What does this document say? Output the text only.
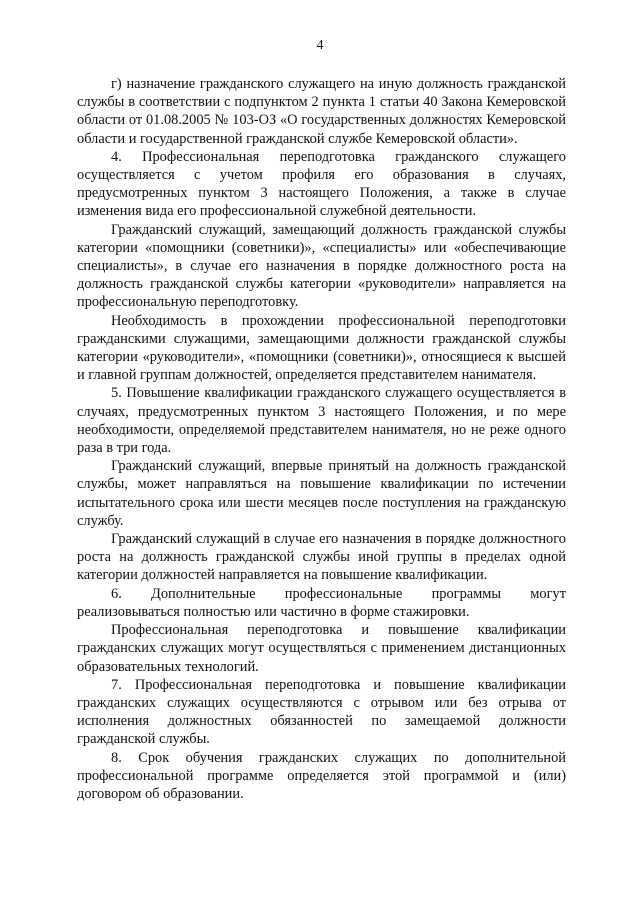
4

г) назначение гражданского служащего на иную должность гражданской службы в соответствии с подпунктом 2 пункта 1 статьи 40 Закона Кемеровской области от 01.08.2005 № 103-ОЗ «О государственных должностях Кемеровской области и государственной гражданской службе Кемеровской области».

4. Профессиональная переподготовка гражданского служащего осуществляется с учетом профиля его образования в случаях, предусмотренных пунктом 3 настоящего Положения, а также в случае изменения вида его профессиональной служебной деятельности.

Гражданский служащий, замещающий должность гражданской службы категории «помощники (советники)», «специалисты» или «обеспечивающие специалисты», в случае его назначения в порядке должностного роста на должность гражданской службы категории «руководители» направляется на профессиональную переподготовку.

Необходимость в прохождении профессиональной переподготовки гражданскими служащими, замещающими должности гражданской службы категории «руководители», «помощники (советники)», относящиеся к высшей и главной группам должностей, определяется представителем нанимателя.

5. Повышение квалификации гражданского служащего осуществляется в случаях, предусмотренных пунктом 3 настоящего Положения, и по мере необходимости, определяемой представителем нанимателя, но не реже одного раза в три года.

Гражданский служащий, впервые принятый на должность гражданской службы, может направляться на повышение квалификации по истечении испытательного срока или шести месяцев после поступления на гражданскую службу.

Гражданский служащий в случае его назначения в порядке должностного роста на должность гражданской службы иной группы в пределах одной категории должностей направляется на повышение квалификации.

6. Дополнительные профессиональные программы могут реализовываться полностью или частично в форме стажировки.

Профессиональная переподготовка и повышение квалификации гражданских служащих могут осуществляться с применением дистанционных образовательных технологий.

7. Профессиональная переподготовка и повышение квалификации гражданских служащих осуществляются с отрывом или без отрыва от исполнения должностных обязанностей по замещаемой должности гражданской службы.

8. Срок обучения гражданских служащих по дополнительной профессиональной программе определяется этой программой и (или) договором об образовании.
